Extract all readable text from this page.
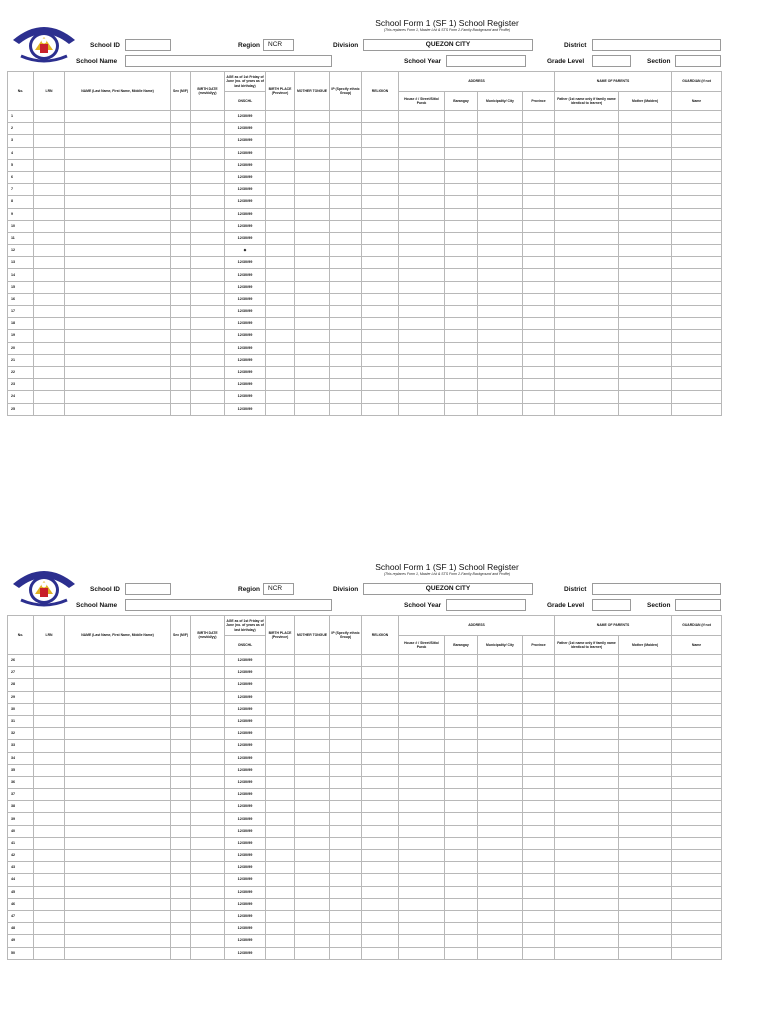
School Form 1 (SF 1) School Register
(This replaces Form 1, Master List & STS Form 2-Family Background and Profile)
School ID	Region	NCR	Division	QUEZON CITY	District
School Name	School Year	Grade Level	Section
No.	LRN	NAME (Last Name, First Name, Middle Name)	Sex (M/F)	BIRTH DATE (mm/dd/yy)	AGE as of 1st Friday of June (no. of years as of last birthday)	BIRTH PLACE (Province)	MOTHER TONGUE	IP (Specify ethnic Group)	RELIGION	ADDRESS				NAME OF PARENTS		GUARDIAN (if not
					ONSCHL					House # / Street/Sitio/ Purok	Barangay	Municipality/ City	Province	Father (1st name only if family name identical to learner)	Mother (Maiden)	Name
1					12/30/99											
2					12/30/99											
3					12/30/99											
4					12/30/99											
5					12/30/99											
6					12/30/99											
7					12/30/99											
8					12/30/99											
9					12/30/99											
10					12/30/99											
11					12/30/99											
12					◆											
13					12/30/99											
14					12/30/99											
15					12/30/99											
16					12/30/99											
17					12/30/99											
18					12/30/99											
19					12/30/99											
20					12/30/99											
21					12/30/99											
22					12/30/99											
23					12/30/99											
24					12/30/99											
25					12/30/99											
School Form 1 (SF 1) School Register
(This replaces Form 1, Master List & STS Form 2-Family Background and Profile)
School ID	Region	NCR	Division	QUEZON CITY	District
School Name	School Year	Grade Level	Section
No.	LRN	NAME (Last Name, First Name, Middle Name)	Sex (M/F)	BIRTH DATE (mm/dd/yy)	AGE as of 1st Friday of June (no. of years as of last birthday)	BIRTH PLACE (Province)	MOTHER TONGUE	IP (Specify ethnic Group)	RELIGION	ADDRESS				NAME OF PARENTS		GUARDIAN (if not
					ONSCHL					House # / Street/Sitio/ Purok	Barangay	Municipality/ City	Province	Father (1st name only if family name identical to learner)	Mother (Maiden)	Name
26					12/30/99											
27					12/30/99											
28					12/30/99											
29					12/30/99											
30					12/30/99											
31					12/30/99											
32					12/30/99											
33					12/30/99											
34					12/30/99											
35					12/30/99											
36					12/30/99											
37					12/30/99											
38					12/30/99											
39					12/30/99											
40					12/30/99											
41					12/30/99											
42					12/30/99											
43					12/30/99											
44					12/30/99											
45					12/30/99											
46					12/30/99											
47					12/30/99											
48					12/30/99											
49					12/30/99											
50					12/30/99											
